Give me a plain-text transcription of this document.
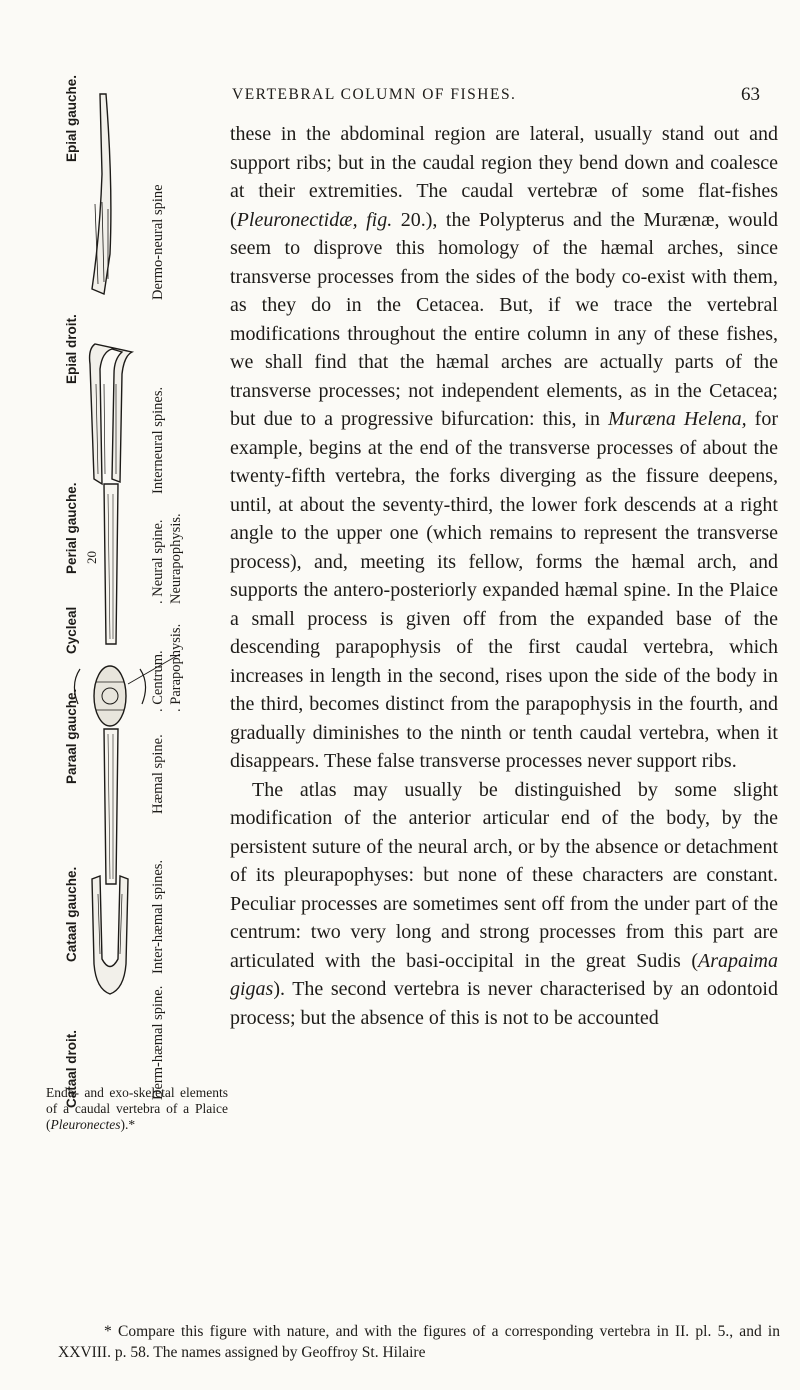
VERTEBRAL COLUMN OF FISHES.	63
Epial gauche.
Epial droit.
Perial gauche. 20
Cycleal
Paraal gauche.
Cataal gauche.
Cataal droit.
Dermo-neural spine
Interneural spines.
. Neural spine. Neurapophysis.
. Centrum. . Parapophysis.
Hæmal spine.
Inter-hæmal spines.
Derm-hæmal spine.
Endo- and exo-skeletal elements of a caudal vertebra of a Plaice (Pleuronectes).*

these in the abdominal region are lateral, usually stand out and support ribs; but in the caudal region they bend down and coalesce at their extremities. The caudal vertebræ of some flat-fishes (Pleuronectidæ, fig. 20.), the Polypterus and the Murænæ, would seem to disprove this homology of the hæmal arches, since transverse processes from the sides of the body co-exist with them, as they do in the Cetacea. But, if we trace the vertebral modifications throughout the entire column in any of these fishes, we shall find that the hæmal arches are actually parts of the transverse processes; not independent elements, as in the Cetacea; but due to a progressive bifurcation: this, in Muræna Helena, for example, begins at the end of the transverse processes of about the twenty-fifth vertebra, the forks diverging as the fissure deepens, until, at about the seventy-third, the lower fork descends at a right angle to the upper one (which remains to represent the transverse process), and, meeting its fellow, forms the hæmal arch, and supports the antero-posteriorly expanded hæmal spine. In the Plaice a small process is given off from the expanded base of the descending parapophysis of the first caudal vertebra, which increases in length in the second, rises upon the side of the body in the third, becomes distinct from the parapophysis in the fourth, and gradually diminishes to the ninth or tenth caudal vertebra, when it disappears. These false transverse processes never support ribs.

The atlas may usually be distinguished by some slight modification of the anterior articular end of the body, by the persistent suture of the neural arch, or by the absence or detachment of its pleurapophyses: but none of these characters are constant. Peculiar processes are sometimes sent off from the under part of the centrum: two very long and strong processes from this part are articulated with the basi-occipital in the great Sudis (Arapaima gigas). The second vertebra is never characterised by an odontoid process; but the absence of this is not to be accounted

* Compare this figure with nature, and with the figures of a corresponding vertebra in II. pl. 5., and in XXVIII. p. 58. The names assigned by Geoffroy St. Hilaire
